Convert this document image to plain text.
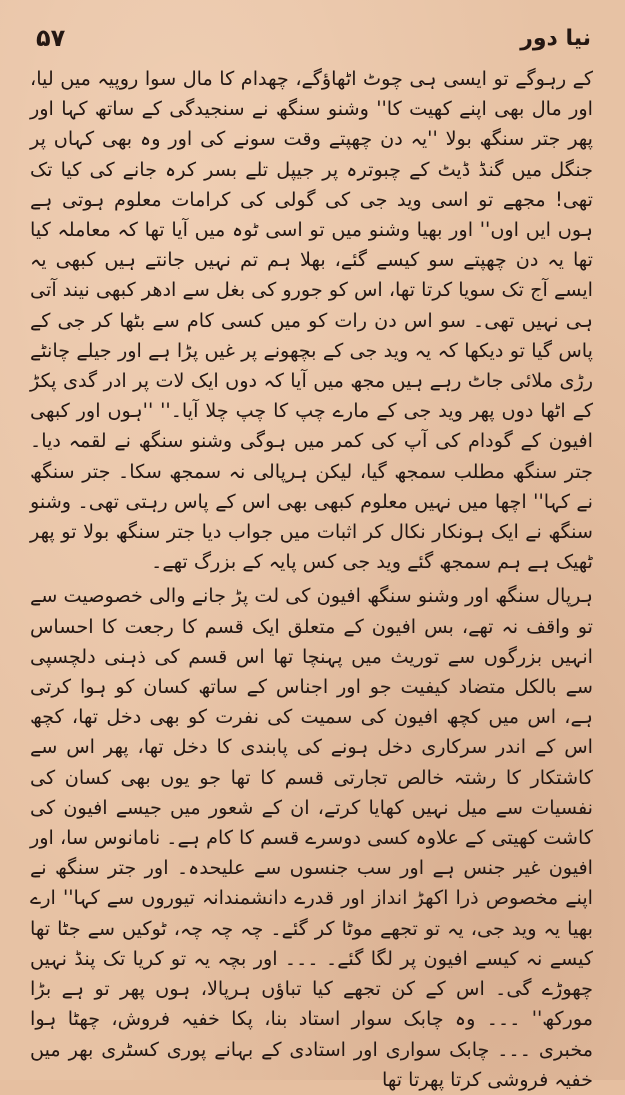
۵۷	نیا دور

کے رہوگے تو ایسی ہی چوٹ اٹھاؤگے، چھدام کا مال سوا روپیہ میں لیا، اور مال بھی اپنے کھیت کا'' وشنو سنگھ نے سنجیدگی کے ساتھ کہا اور پھر جتر سنگھ بولا ''یہ دن چھپتے وقت سونے کی اور وہ بھی کہاں پر جنگل میں گنڈ ڈیٹ کے چبوترہ پر جیپل تلے بسر کرہ جانے کی کیا تک تھی! مجھے تو اسی وید جی کی گولی کی کرامات معلوم ہوتی ہے ہوں ایں اوں'' اور بھیا وشنو میں تو اسی ٹوہ میں آیا تھا کہ معاملہ کیا تھا یہ دن چھپتے سو کیسے گئے، بھلا ہم تم نہیں جانتے ہیں کبھی یہ ایسے آج تک سویا کرتا تھا، اس کو جورو کی بغل سے ادھر کبھی نیند آتی ہی نہیں تھی۔ سو اس دن رات کو میں کسی کام سے بٹھا کر جی کے پاس گیا تو دیکھا کہ یہ وید جی کے بچھونے پر غیں پڑا ہے اور جیلے چانٹے رڑی ملائی جاٹ رہے ہیں مجھ میں آیا کہ دوں ایک لات پر ادر گدی پکڑ کے اٹھا دوں پھر وید جی کے مارے چپ کا چپ چلا آیا۔'' ''ہوں اور کبھی افیون کے گودام کی آپ کی کمر میں ہوگی وشنو سنگھ نے لقمہ دیا۔ جتر سنگھ مطلب سمجھ گیا، لیکن ہرپالی نہ سمجھ سکا۔ جتر سنگھ نے کہا'' اچھا میں نہیں معلوم کبھی بھی اس کے پاس رہتی تھی۔ وشنو سنگھ نے ایک ہونکار نکال کر اثبات میں جواب دیا جتر سنگھ بولا تو پھر ٹھیک ہے ہم سمجھ گئے وید جی کس پایہ کے بزرگ تھے۔

ہرپال سنگھ اور وشنو سنگھ افیون کی لت پڑ جانے والی خصوصیت سے تو واقف نہ تھے، بس افیون کے متعلق ایک قسم کا رجعت کا احساس انہیں بزرگوں سے توریث میں پہنچا تھا اس قسم کی ذہنی دلچسپی سے بالکل متضاد کیفیت جو اور اجناس کے ساتھ کسان کو ہوا کرتی ہے، اس میں کچھ افیون کی سمیت کی نفرت کو بھی دخل تھا، کچھ اس کے اندر سرکاری دخل ہونے کی پابندی کا دخل تھا، پھر اس سے کاشتکار کا رشتہ خالص تجارتی قسم کا تھا جو یوں بھی کسان کی نفسیات سے میل نہیں کھایا کرتے، ان کے شعور میں جیسے افیون کی کاشت کھیتی کے علاوہ کسی دوسرے قسم کا کام ہے۔ نامانوس سا، اور افیون غیر جنس ہے اور سب جنسوں سے علیحدہ۔ اور جتر سنگھ نے اپنے مخصوص ذرا اکھڑ انداز اور قدرے دانشمندانہ تیوروں سے کہا'' ارے بھیا یہ وید جی، یہ تو تجھے موٹا کر گئے۔ چہ چہ چہ، ٹوکیں سے جٹا تھا کیسے نہ کیسے افیون پر لگا گئے۔ ۔۔۔ اور بچہ یہ تو کریا تک پنڈ نہیں چھوڑے گی۔ اس کے کن تجھے کیا تباؤں ہرپالا، ہوں پھر تو ہے بڑا مورکھ'' ۔۔۔ وہ چابک سوار استاد بنا، پکا خفیہ فروش، چھٹا ہوا مخبری ۔۔۔ چابک سواری اور استادی کے بہانے پوری کسٹری بھر میں خفیہ فروشی کرتا پھرتا تھا
